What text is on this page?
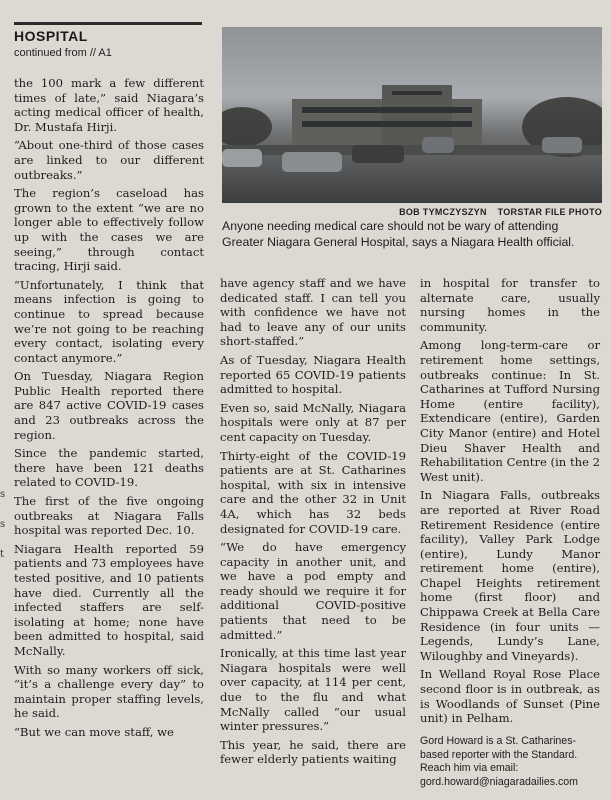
HOSPITAL
continued from // A1
BOB TYMCZYSZYN TORSTAR FILE PHOTO
Anyone needing medical care should not be wary of attending Greater Niagara General Hospital, says a Niagara Health official.

the 100 mark a few different times of late,” said Niagara’s acting medical officer of health, Dr. Mustafa Hirji.

“About one-third of those cases are linked to our different outbreaks.”

The region’s caseload has grown to the extent “we are no longer able to effectively follow up with the cases we are seeing,” through contact tracing, Hirji said.

“Unfortunately, I think that means infection is going to continue to spread because we’re not going to be reaching every contact, isolating every contact anymore.”

On Tuesday, Niagara Region Public Health reported there are 847 active COVID-19 cases and 23 outbreaks across the region.

Since the pandemic started, there have been 121 deaths related to COVID-19.

The first of the five ongoing outbreaks at Niagara Falls hospital was reported Dec. 10.

Niagara Health reported 59 patients and 73 employees have tested positive, and 10 patients have died. Currently all the infected staffers are self-isolating at home; none have been admitted to hospital, said McNally.

With so many workers off sick, “it’s a challenge every day” to maintain proper staffing levels, he said.

“But we can move staff, we

have agency staff and we have dedicated staff. I can tell you with confidence we have not had to leave any of our units short-staffed.”

As of Tuesday, Niagara Health reported 65 COVID-19 patients admitted to hospital.

Even so, said McNally, Niagara hospitals were only at 87 per cent capacity on Tuesday.

Thirty-eight of the COVID-19 patients are at St. Catharines hospital, with six in intensive care and the other 32 in Unit 4A, which has 32 beds designated for COVID-19 care.

“We do have emergency capacity in another unit, and we have a pod empty and ready should we require it for additional COVID-positive patients that need to be admitted.”

Ironically, at this time last year Niagara hospitals were well over capacity, at 114 per cent, due to the flu and what McNally called “our usual winter pressures.”

This year, he said, there are fewer elderly patients waiting

in hospital for transfer to alternate care, usually nursing homes in the community.

Among long-term-care or retirement home settings, outbreaks continue: In St. Catharines at Tufford Nursing Home (entire facility), Extendicare (entire), Garden City Manor (entire) and Hotel Dieu Shaver Health and Rehabilitation Centre (in the 2 West unit).

In Niagara Falls, outbreaks are reported at River Road Retirement Residence (entire facility), Valley Park Lodge (entire), Lundy Manor retirement home (entire), Chapel Heights retirement home (first floor) and Chippawa Creek at Bella Care Residence (in four units — Legends, Lundy’s Lane, Wiloughby and Vineyards).

In Welland Royal Rose Place second floor is in outbreak, as is Woodlands of Sunset (Pine unit) in Pelham.

Gord Howard is a St. Catharines-based reporter with the Standard. Reach him via email: gord.howard@niagaradailies.com
s
s
t
